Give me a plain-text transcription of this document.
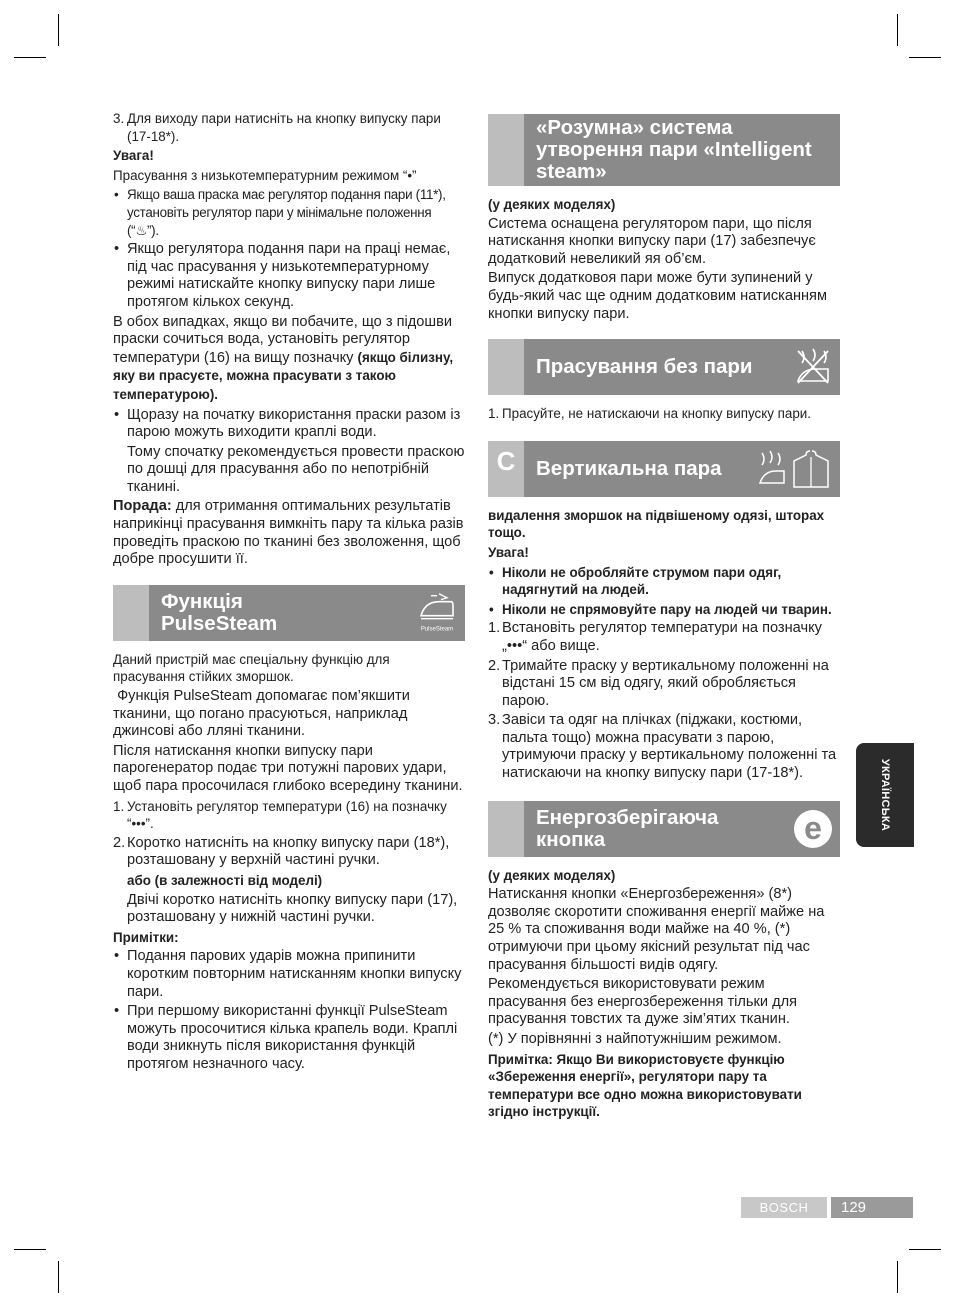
3. Для виходу пари натисніть на кнопку випуску пари (17-18*).

Увага!

Прасування з низькотемпературним режимом “•”

• Якщо ваша праска має регулятор подання пари (11*), установіть регулятор пари у мінімальне положення (“♨”).

• Якщо регулятора подання пари на праці немає, під час прасування у низькотемпературному режимі натискайте кнопку випуску пари лише протягом кількох секунд.

В обох випадках, якщо ви побачите, що з підошви праски сочиться вода, установіть регулятор температури (16) на вищу позначку (якщо білизну, яку ви прасуєте, можна прасувати з такою температурою).

• Щоразу на початку використання праски разом із парою можуть виходити краплі води.

Тому спочатку рекомендується провести праскою по дошці для прасування або по непотрібній тканині.

Порада: для отримання оптимальних результатів наприкінці прасування вимкніть пару та кілька разів проведіть праскою по тканині без зволоження, щоб добре просушити її.

Функція PulseSteam	PulseSteam

Даний пристрій має спеціальну функцію для прасування стійких зморшок.

Функція PulseSteam допомагає пом’якшити тканини, що погано прасуються, наприклад джинсові або лляні тканини.

Після натискання кнопки випуску пари парогенератор подає три потужні парових удари, щоб пара просочилася глибоко всередину тканини.

1. Установіть регулятор температури (16) на позначку “•••”.

2. Коротко натисніть на кнопку випуску пари (18*), розташовану у верхній частині ручки.

або (в залежності від моделі)

Двічі коротко натисніть кнопку випуску пари (17), розташовану у нижній частині ручки.

Примітки:

• Подання парових ударів можна припинити коротким повторним натисканням кнопки випуску пари.

• При першому використанні функції PulseSteam можуть просочитися кілька крапель води. Краплі води зникнуть після використання функцій протягом незначного часу.

«Розумна» система утворення пари «Intelligent steam»

(у деяких моделях)

Система оснащена регулятором пари, що після натискання кнопки випуску пари (17) забезпечує додатковий невеликий яя об’єм.

Випуск додатковоя пари може бути зупинений у будь-який час ще одним додатковим натисканням кнопки випуску пари.

Прасування без пари

1. Прасуйте, не натискаючи на кнопку випуску пари.

C	Вертикальна пара

видалення зморшок на підвішеному одязі, шторах тощо.

Увага!

• Ніколи не обробляйте струмом пари одяг, надягнутий на людей.

• Ніколи не спрямовуйте пару на людей чи тварин.

1. Встановіть регулятор температури на позначку „•••“ або вище.

2. Тримайте праску у вертикальному положенні на відстані 15 см від одягу, який обробляється парою.

3. Завіси та одяг на плічках (піджаки, костюми, пальта тощо) можна прасувати з парою, утримуючи праску у вертикальному положенні та натискаючи на кнопку випуску пари (17-18*).

Енергозберігаюча кнопка	e

(у деяких моделях)

Натискання кнопки «Енергозбереження» (8*) дозволяє скоротити споживання енергії майже на 25 % та споживання води майже на 40 %, (*) отримуючи при цьому якісний результат під час прасування більшості видів одягу.

Рекомендується використовувати режим прасування без енергозбереження тільки для прасування товстих та дуже зім’ятих тканин.

(*) У порівнянні з найпотужнішим режимом.

Примітка: Якщо Ви використовуєте функцію «Збереження енергії», регулятори пару та температури все одно можна використовувати згідно інструкції.

УКРАЇНСЬКА
BOSCH	129
